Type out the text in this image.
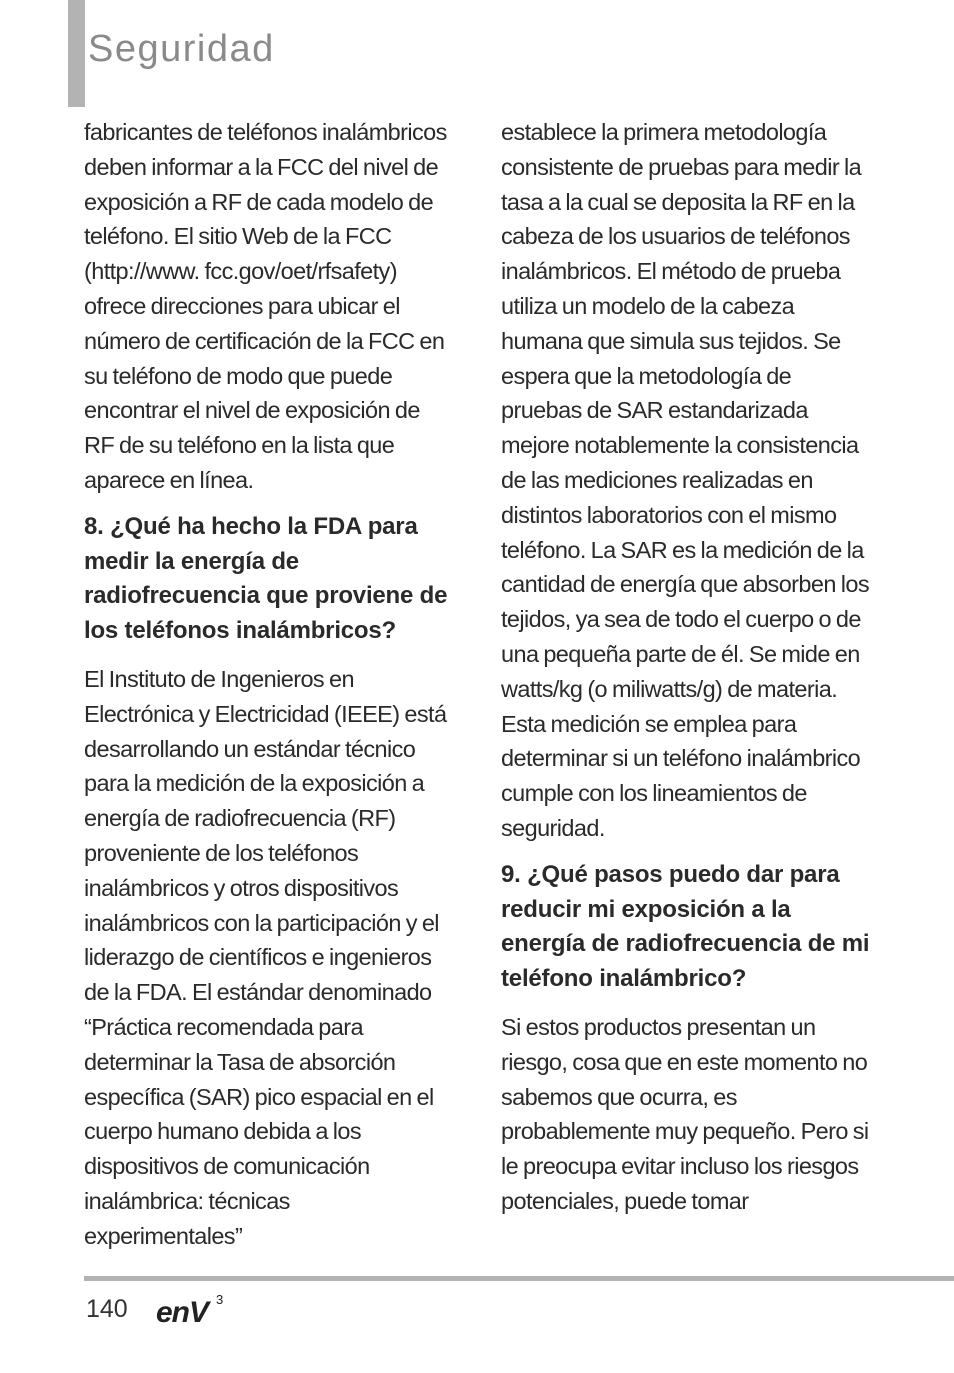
Seguridad

fabricantes de teléfonos inalámbricos deben informar a la FCC del nivel de exposición a RF de cada modelo de teléfono. El sitio Web de la FCC (http://www. fcc.gov/oet/rfsafety) ofrece direcciones para ubicar el número de certificación de la FCC en su teléfono de modo que puede encontrar el nivel de exposición de RF de su teléfono en la lista que aparece en línea.

8. ¿Qué ha hecho la FDA para medir la energía de radiofrecuencia que proviene de los teléfonos inalámbricos?

El Instituto de Ingenieros en Electrónica y Electricidad (IEEE) está desarrollando un estándar técnico para la medición de la exposición a energía de radiofrecuencia (RF) proveniente de los teléfonos inalámbricos y otros dispositivos inalámbricos con la participación y el liderazgo de científicos e ingenieros de la FDA. El estándar denominado “Práctica recomendada para determinar la Tasa de absorción específica (SAR) pico espacial en el cuerpo humano debida a los dispositivos de comunicación inalámbrica: técnicas experimentales”

establece la primera metodología consistente de pruebas para medir la tasa a la cual se deposita la RF en la cabeza de los usuarios de teléfonos inalámbricos. El método de prueba utiliza un modelo de la cabeza humana que simula sus tejidos. Se espera que la metodología de pruebas de SAR estandarizada mejore notablemente la consistencia de las mediciones realizadas en distintos laboratorios con el mismo teléfono. La SAR es la medición de la cantidad de energía que absorben los tejidos, ya sea de todo el cuerpo o de una pequeña parte de él. Se mide en watts/kg (o miliwatts/g) de materia. Esta medición se emplea para determinar si un teléfono inalámbrico cumple con los lineamientos de seguridad.

9. ¿Qué pasos puedo dar para reducir mi exposición a la energía de radiofrecuencia de mi teléfono inalámbrico?

Si estos productos presentan un riesgo, cosa que en este momento no sabemos que ocurra, es probablemente muy pequeño. Pero si le preocupa evitar incluso los riesgos potenciales, puede tomar

140 enV 3
